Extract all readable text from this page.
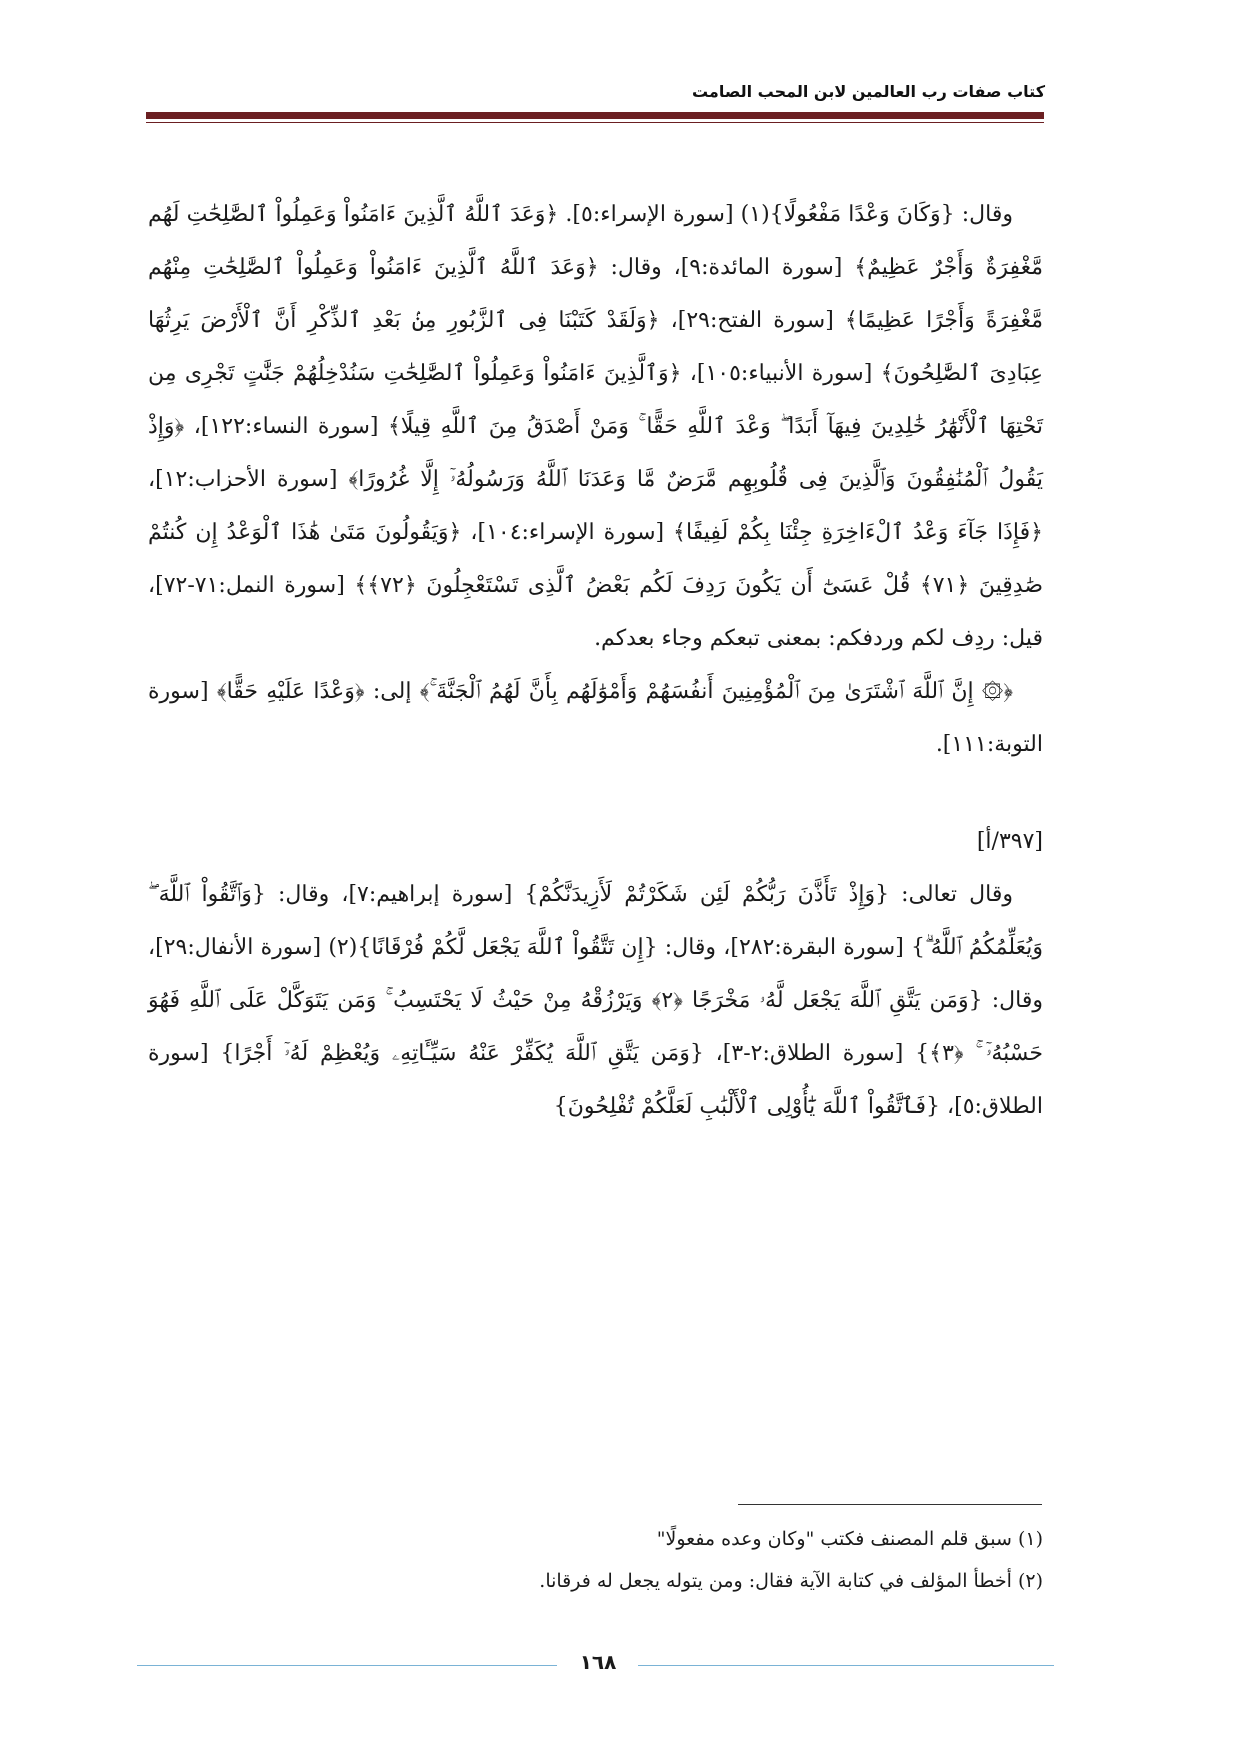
كتاب صفات رب العالمين لابن المحب الصامت

وقال: {وَكَانَ وَعْدًا مَفْعُولًا}(١) [سورة الإسراء:٥]. ﴿وَعَدَ ٱللَّهُ ٱلَّذِينَ ءَامَنُواْ وَعَمِلُواْ ٱلصَّٰلِحَٰتِ لَهُم مَّغْفِرَةٌ وَأَجْرٌ عَظِيمٌ﴾ [سورة المائدة:٩]، وقال: ﴿وَعَدَ ٱللَّهُ ٱلَّذِينَ ءَامَنُواْ وَعَمِلُواْ ٱلصَّٰلِحَٰتِ مِنْهُم مَّغْفِرَةً وَأَجْرًا عَظِيمًا﴾ [سورة الفتح:٢٩]، ﴿وَلَقَدْ كَتَبْنَا فِى ٱلزَّبُورِ مِنۢ بَعْدِ ٱلذِّكْرِ أَنَّ ٱلْأَرْضَ يَرِثُهَا عِبَادِىَ ٱلصَّٰلِحُونَ﴾ [سورة الأنبياء:١٠٥]، ﴿وَٱلَّذِينَ ءَامَنُواْ وَعَمِلُواْ ٱلصَّٰلِحَٰتِ سَنُدْخِلُهُمْ جَنَّٰتٍ تَجْرِى مِن تَحْتِهَا ٱلْأَنْهَٰرُ خَٰلِدِينَ فِيهَآ أَبَدًا ۖ وَعْدَ ٱللَّهِ حَقًّا ۚ وَمَنْ أَصْدَقُ مِنَ ٱللَّهِ قِيلًا﴾ [سورة النساء:١٢٢]، ﴿وَإِذْ يَقُولُ ٱلْمُنَٰفِقُونَ وَٱلَّذِينَ فِى قُلُوبِهِم مَّرَضٌ مَّا وَعَدَنَا ٱللَّهُ وَرَسُولُهُۥٓ إِلَّا غُرُورًا﴾ [سورة الأحزاب:١٢]، ﴿فَإِذَا جَآءَ وَعْدُ ٱلْءَاخِرَةِ جِئْنَا بِكُمْ لَفِيفًا﴾ [سورة الإسراء:١٠٤]، ﴿وَيَقُولُونَ مَتَىٰ هَٰذَا ٱلْوَعْدُ إِن كُنتُمْ صَٰدِقِينَ ﴿٧١﴾ قُلْ عَسَىٰٓ أَن يَكُونَ رَدِفَ لَكُم بَعْضُ ٱلَّذِى تَسْتَعْجِلُونَ ﴿٧٢﴾﴾ [سورة النمل:٧١-٧٢]، قيل: ردِف لكم وردفكم: بمعنى تبعكم وجاء بعدكم.

﴿۞ إِنَّ ٱللَّهَ ٱشْتَرَىٰ مِنَ ٱلْمُؤْمِنِينَ أَنفُسَهُمْ وَأَمْوَٰلَهُم بِأَنَّ لَهُمُ ٱلْجَنَّةَ ۚ﴾ إلى: ﴿وَعْدًا عَلَيْهِ حَقًّا﴾ [سورة التوبة:١١١].

[٣٩٧/أ]

وقال تعالى: {وَإِذْ تَأَذَّنَ رَبُّكُمْ لَئِن شَكَرْتُمْ لَأَزِيدَنَّكُمْ} [سورة إبراهيم:٧]، وقال: {وَٱتَّقُواْ ٱللَّهَ ۖ وَيُعَلِّمُكُمُ ٱللَّهُ ۗ} [سورة البقرة:٢٨٢]، وقال: {إِن تَتَّقُواْ ٱللَّهَ يَجْعَل لَّكُمْ فُرْقَانًا}(٢) [سورة الأنفال:٢٩]، وقال: {وَمَن يَتَّقِ ٱللَّهَ يَجْعَل لَّهُۥ مَخْرَجًا ﴿٢﴾ وَيَرْزُقْهُ مِنْ حَيْثُ لَا يَحْتَسِبُ ۚ وَمَن يَتَوَكَّلْ عَلَى ٱللَّهِ فَهُوَ حَسْبُهُۥٓ ۚ ﴿٣﴾} [سورة الطلاق:٢-٣]، {وَمَن يَتَّقِ ٱللَّهَ يُكَفِّرْ عَنْهُ سَيِّـَٔاتِهِۦ وَيُعْظِمْ لَهُۥٓ أَجْرًا} [سورة الطلاق:٥]، {فَٱتَّقُواْ ٱللَّهَ يَٰٓأُوْلِى ٱلْأَلْبَٰبِ لَعَلَّكُمْ تُفْلِحُونَ}

(١) سبق قلم المصنف فكتب "وكان وعده مفعولًا"

(٢) أخطأ المؤلف في كتابة الآية فقال: ومن يتوله يجعل له فرقانا.

١٦٨
